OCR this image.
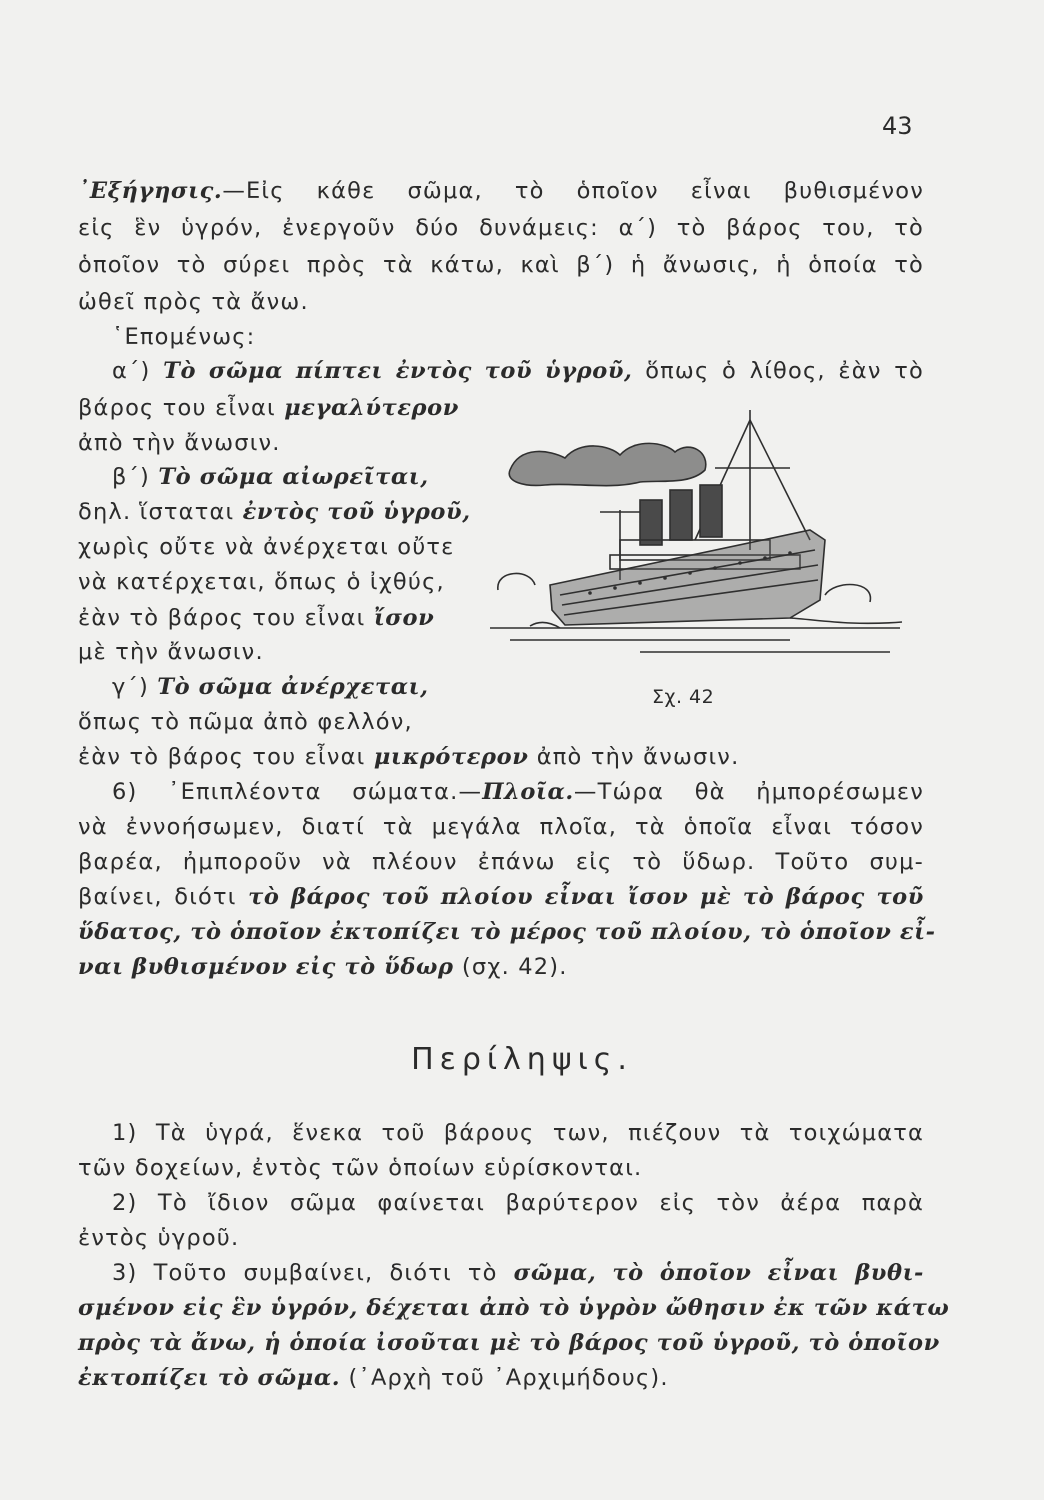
43
᾿Εξήγησις.—Εἰς κάθε σῶμα, τὸ ὁποῖον εἶναι βυθισμένον
εἰς ἓν ὑγρόν, ἐνεργοῦν δύο δυνάμεις: α΄) τὸ βάρος του, τὸ
ὁποῖον τὸ σύρει πρὸς τὰ κάτω, καὶ β΄) ἡ ἄνωσις, ἡ ὁποία τὸ
ὠθεῖ πρὸς τὰ ἄνω.
῾Επομένως:
α΄) Τὸ σῶμα πίπτει ἐντὸς τοῦ ὑγροῦ, ὅπως ὁ λίθος, ἐὰν τὸ
βάρος του εἶναι μεγαλύτερον
ἀπὸ τὴν ἄνωσιν.
β΄) Τὸ σῶμα αἰωρεῖται,
δηλ. ἵσταται ἐντὸς τοῦ ὑγροῦ,
χωρὶς οὔτε νὰ ἀνέρχεται οὔτε
νὰ κατέρχεται, ὅπως ὁ ἰχθύς,
ἐὰν τὸ βάρος του εἶναι ἴσον
μὲ τὴν ἄνωσιν.
γ΄) Τὸ σῶμα ἀνέρχεται,
ὅπως τὸ πῶμα ἀπὸ φελλόν,
ἐὰν τὸ βάρος του εἶναι μικρότερον ἀπὸ τὴν ἄνωσιν.
Σχ. 42
6) ᾿Επιπλέοντα σώματα.—Πλοῖα.—Τώρα θὰ ἠμπορέσωμεν
νὰ ἐννοήσωμεν, διατί τὰ μεγάλα πλοῖα, τὰ ὁποῖα εἶναι τόσον
βαρέα, ἠμποροῦν νὰ πλέουν ἐπάνω εἰς τὸ ὕδωρ. Τοῦτο συμ-
βαίνει, διότι τὸ βάρος τοῦ πλοίου εἶναι ἴσον μὲ τὸ βάρος τοῦ
ὕδατος, τὸ ὁποῖον ἐκτοπίζει τὸ μέρος τοῦ πλοίου, τὸ ὁποῖον εἶ-
ναι βυθισμένον εἰς τὸ ὕδωρ (σχ. 42).
Περίληψις.
1) Τὰ ὑγρά, ἕνεκα τοῦ βάρους των, πιέζουν τὰ τοιχώματα
τῶν δοχείων, ἐντὸς τῶν ὁποίων εὑρίσκονται.
2) Τὸ ἴδιον σῶμα φαίνεται βαρύτερον εἰς τὸν ἀέρα παρὰ
ἐντὸς ὑγροῦ.
3) Τοῦτο συμβαίνει, διότι τὸ σῶμα, τὸ ὁποῖον εἶναι βυθι-
σμένον εἰς ἓν ὑγρόν, δέχεται ἀπὸ τὸ ὑγρὸν ὤθησιν ἐκ τῶν κάτω
πρὸς τὰ ἄνω, ἡ ὁποία ἰσοῦται μὲ τὸ βάρος τοῦ ὑγροῦ, τὸ ὁποῖον
ἐκτοπίζει τὸ σῶμα. (᾿Αρχὴ τοῦ ᾿Αρχιμήδους).
